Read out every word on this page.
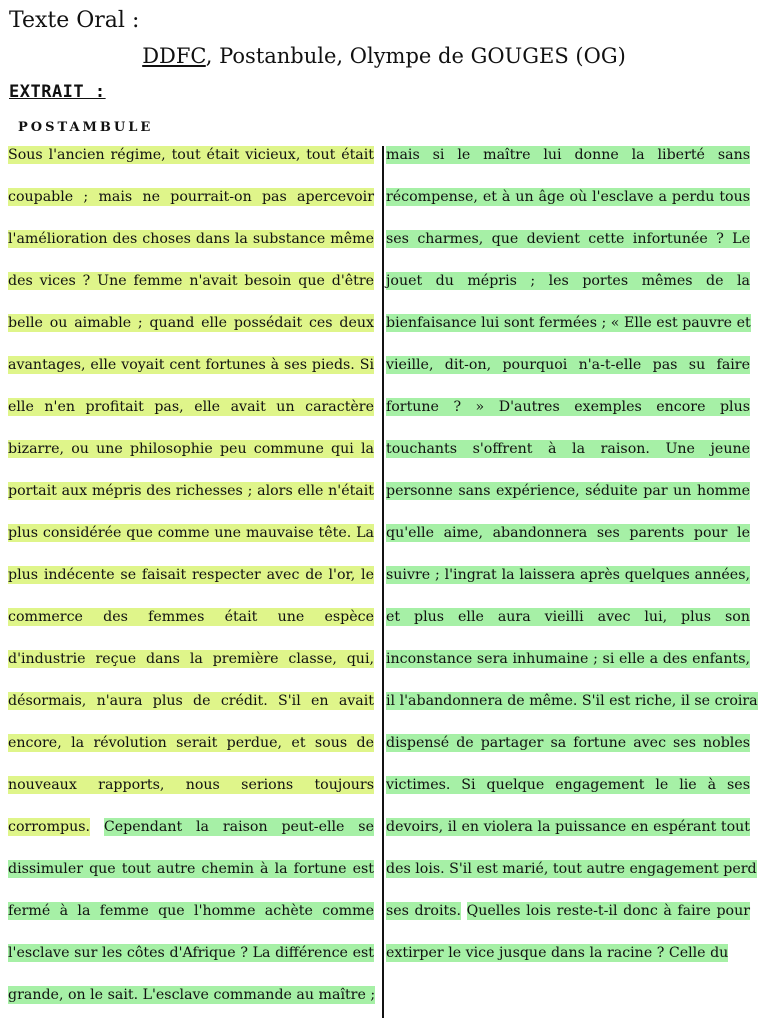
Texte Oral :
DDFC, Postanbule, Olympe de GOUGES (OG)
EXTRAIT :
POSTAMBULE
Sous l'ancien régime, tout était vicieux, tout était
coupable ; mais ne pourrait-on pas apercevoir
l'amélioration des choses dans la substance même
des vices ? Une femme n'avait besoin que d'être
belle ou aimable ; quand elle possédait ces deux
avantages, elle voyait cent fortunes à ses pieds. Si
elle n'en profitait pas, elle avait un caractère
bizarre, ou une philosophie peu commune qui la
portait aux mépris des richesses ; alors elle n'était
plus considérée que comme une mauvaise tête. La
plus indécente se faisait respecter avec de l'or, le
commerce des femmes était une espèce
d'industrie reçue dans la première classe, qui,
désormais, n'aura plus de crédit. S'il en avait
encore, la révolution serait perdue, et sous de
nouveaux rapports, nous serions toujours
corrompus. Cependant la raison peut-elle se
dissimuler que tout autre chemin à la fortune est
fermé à la femme que l'homme achète comme
l'esclave sur les côtes d'Afrique ? La différence est
grande, on le sait. L'esclave commande au maître ;
mais si le maître lui donne la liberté sans
récompense, et à un âge où l'esclave a perdu tous
ses charmes, que devient cette infortunée ? Le
jouet du mépris ; les portes mêmes de la
bienfaisance lui sont fermées ; « Elle est pauvre et
vieille, dit-on, pourquoi n'a-t-elle pas su faire
fortune ? » D'autres exemples encore plus
touchants s'offrent à la raison. Une jeune
personne sans expérience, séduite par un homme
qu'elle aime, abandonnera ses parents pour le
suivre ; l'ingrat la laissera après quelques années,
et plus elle aura vieilli avec lui, plus son
inconstance sera inhumaine ; si elle a des enfants,
il l'abandonnera de même. S'il est riche, il se croira
dispensé de partager sa fortune avec ses nobles
victimes. Si quelque engagement le lie à ses
devoirs, il en violera la puissance en espérant tout
des lois. S'il est marié, tout autre engagement perd
ses droits. Quelles lois reste-t-il donc à faire pour
extirper le vice jusque dans la racine ? Celle du
